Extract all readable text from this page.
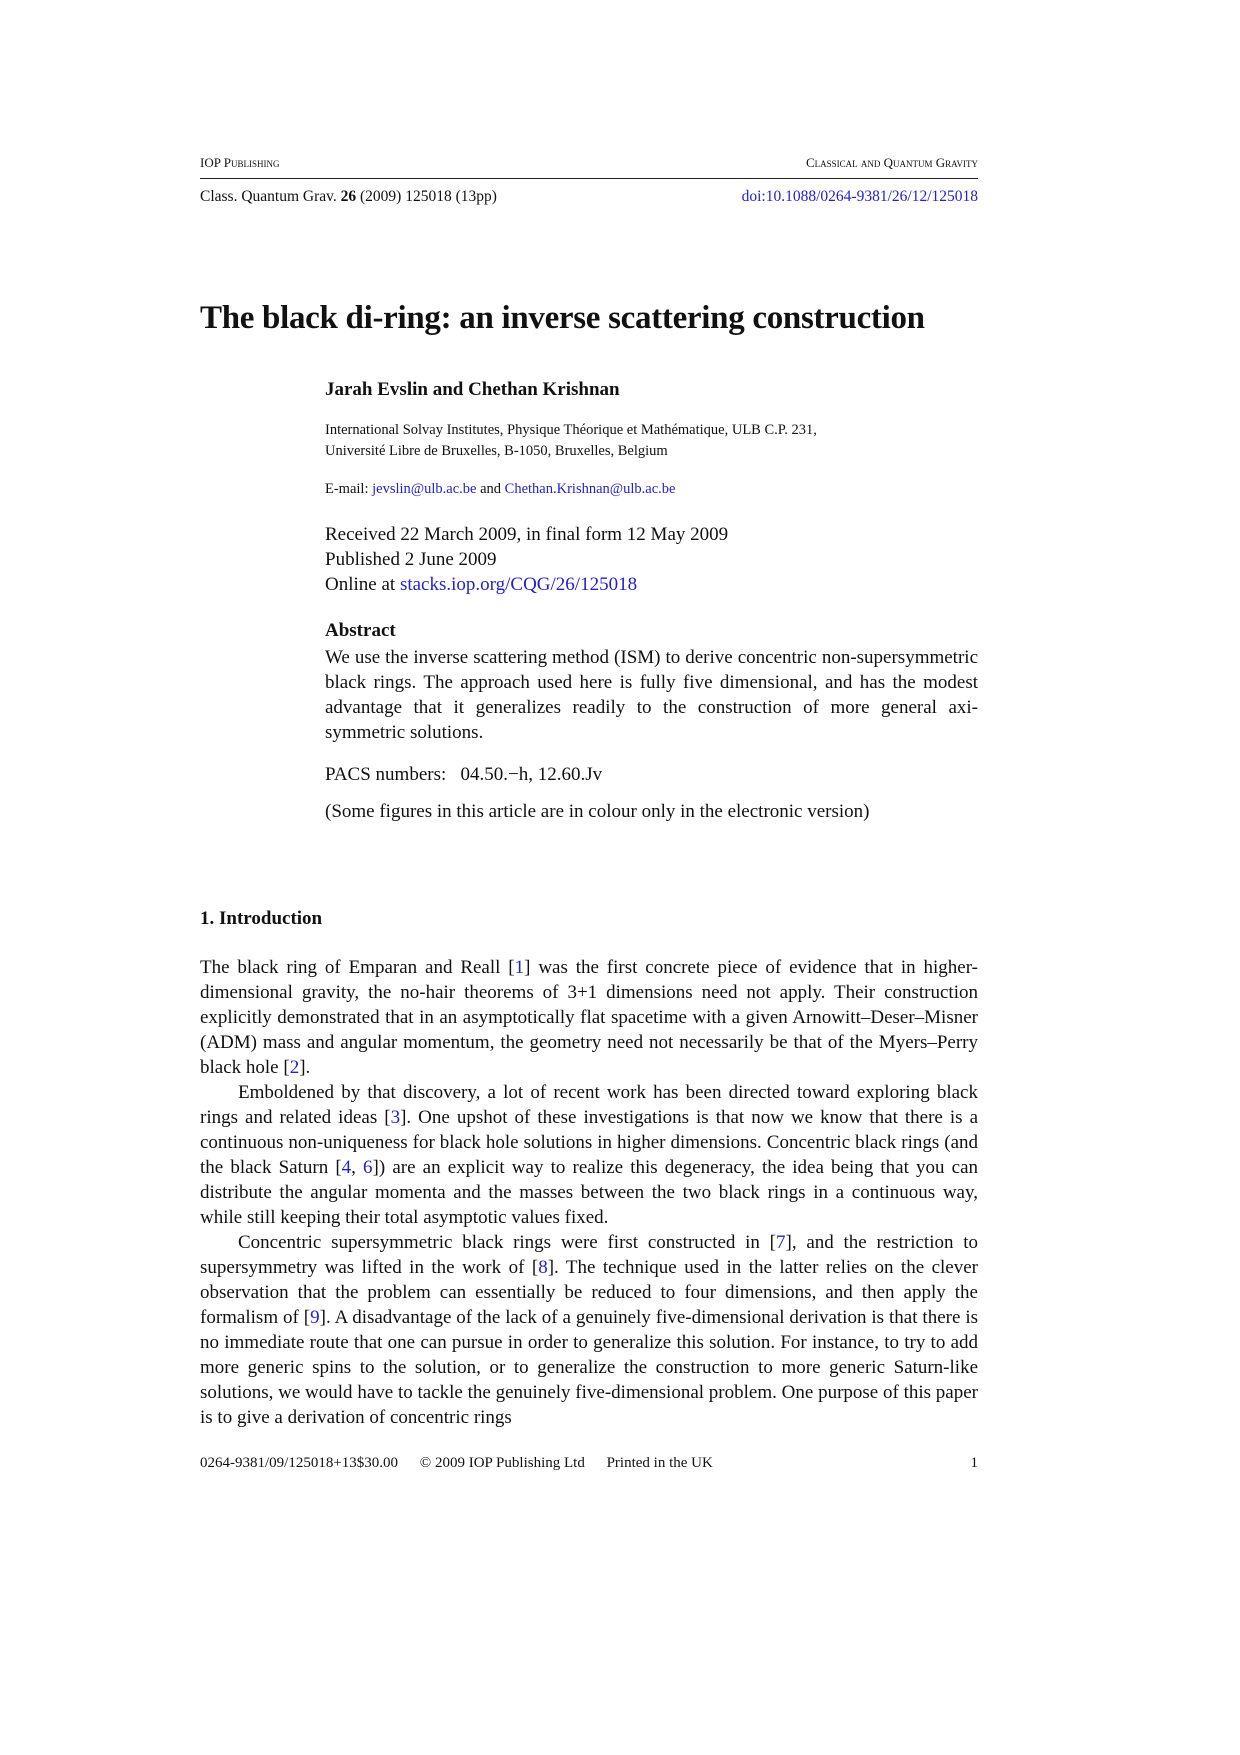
IOP Publishing	Classical and Quantum Gravity
Class. Quantum Grav. 26 (2009) 125018 (13pp)	doi:10.1088/0264-9381/26/12/125018
The black di-ring: an inverse scattering construction
Jarah Evslin and Chethan Krishnan
International Solvay Institutes, Physique Théorique et Mathématique, ULB C.P. 231,
Université Libre de Bruxelles, B-1050, Bruxelles, Belgium
E-mail: jevslin@ulb.ac.be and Chethan.Krishnan@ulb.ac.be
Received 22 March 2009, in final form 12 May 2009
Published 2 June 2009
Online at stacks.iop.org/CQG/26/125018
Abstract
We use the inverse scattering method (ISM) to derive concentric non-supersymmetric black rings. The approach used here is fully five dimensional, and has the modest advantage that it generalizes readily to the construction of more general axi-symmetric solutions.
PACS numbers:   04.50.−h, 12.60.Jv
(Some figures in this article are in colour only in the electronic version)
1. Introduction

The black ring of Emparan and Reall [1] was the first concrete piece of evidence that in higher-dimensional gravity, the no-hair theorems of 3+1 dimensions need not apply. Their construction explicitly demonstrated that in an asymptotically flat spacetime with a given Arnowitt–Deser–Misner (ADM) mass and angular momentum, the geometry need not necessarily be that of the Myers–Perry black hole [2].

Emboldened by that discovery, a lot of recent work has been directed toward exploring black rings and related ideas [3]. One upshot of these investigations is that now we know that there is a continuous non-uniqueness for black hole solutions in higher dimensions. Concentric black rings (and the black Saturn [4, 6]) are an explicit way to realize this degeneracy, the idea being that you can distribute the angular momenta and the masses between the two black rings in a continuous way, while still keeping their total asymptotic values fixed.

Concentric supersymmetric black rings were first constructed in [7], and the restriction to supersymmetry was lifted in the work of [8]. The technique used in the latter relies on the clever observation that the problem can essentially be reduced to four dimensions, and then apply the formalism of [9]. A disadvantage of the lack of a genuinely five-dimensional derivation is that there is no immediate route that one can pursue in order to generalize this solution. For instance, to try to add more generic spins to the solution, or to generalize the construction to more generic Saturn-like solutions, we would have to tackle the genuinely five-dimensional problem. One purpose of this paper is to give a derivation of concentric rings

0264-9381/09/125018+13$30.00 © 2009 IOP Publishing Ltd Printed in the UK	1
